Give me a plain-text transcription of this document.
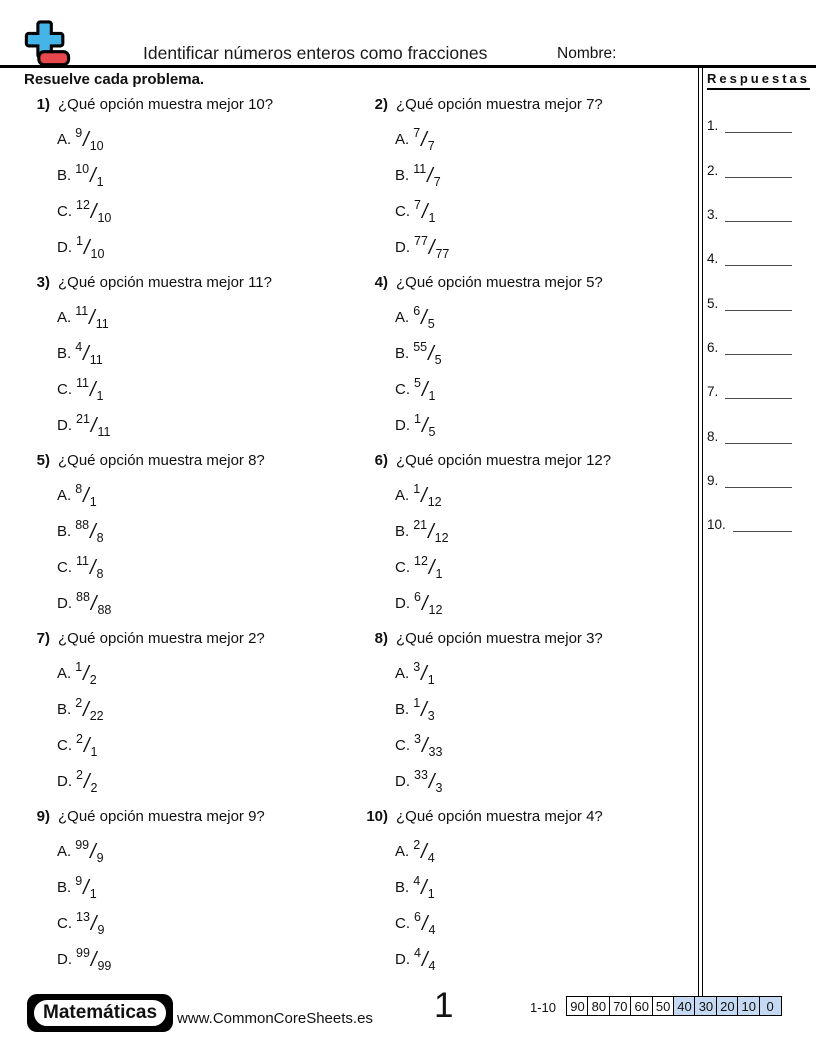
Identificar números enteros como fracciones	Nombre:
Resuelve cada problema.
1) ¿Qué opción muestra mejor 10?
A. 9 / 10
B. 10 / 1
C. 12 / 10
D. 1 / 10
2) ¿Qué opción muestra mejor 7?
A. 7 / 7
B. 11 / 7
C. 7 / 1
D. 77 / 77
3) ¿Qué opción muestra mejor 11?
A. 11 / 11
B. 4 / 11
C. 11 / 1
D. 21 / 11
4) ¿Qué opción muestra mejor 5?
A. 6 / 5
B. 55 / 5
C. 5 / 1
D. 1 / 5
5) ¿Qué opción muestra mejor 8?
A. 8 / 1
B. 88 / 8
C. 11 / 8
D. 88 / 88
6) ¿Qué opción muestra mejor 12?
A. 1 / 12
B. 21 / 12
C. 12 / 1
D. 6 / 12
7) ¿Qué opción muestra mejor 2?
A. 1 / 2
B. 2 / 22
C. 2 / 1
D. 2 / 2
8) ¿Qué opción muestra mejor 3?
A. 3 / 1
B. 1 / 3
C. 3 / 33
D. 33 / 3
9) ¿Qué opción muestra mejor 9?
A. 99 / 9
B. 9 / 1
C. 13 / 9
D. 99 / 99
10) ¿Qué opción muestra mejor 4?
A. 2 / 4
B. 4 / 1
C. 6 / 4
D. 4 / 4
Respuestas
1.
2.
3.
4.
5.
6.
7.
8.
9.
10.
Matemáticas	www.CommonCoreSheets.es 1	1-10	90 80 70 60 50 40 30 20 10 0
